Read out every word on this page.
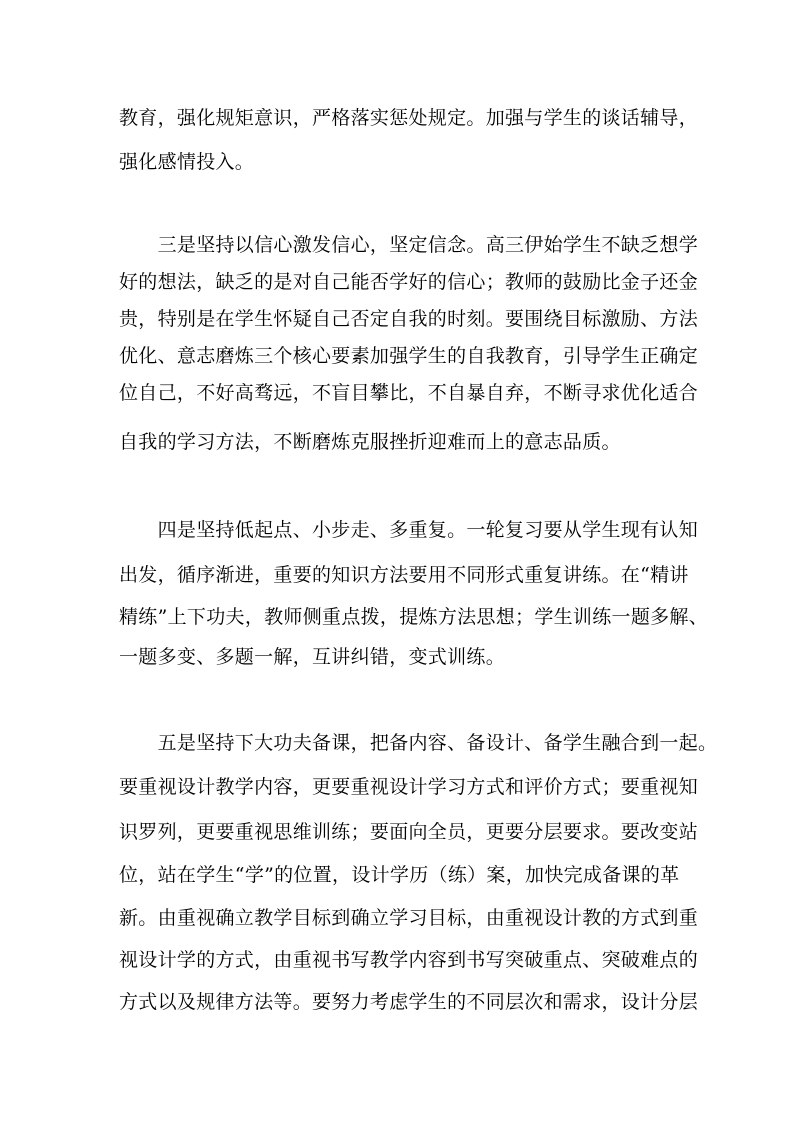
教育，强化规矩意识，严格落实惩处规定。加强与学生的谈话辅导，
强化感情投入。
　　三是坚持以信心激发信心，坚定信念。高三伊始学生不缺乏想学
好的想法，缺乏的是对自己能否学好的信心；教师的鼓励比金子还金
贵，特别是在学生怀疑自己否定自我的时刻。要围绕目标激励、方法
优化、意志磨炼三个核心要素加强学生的自我教育，引导学生正确定
位自己，不好高骛远，不盲目攀比，不自暴自弃，不断寻求优化适合
自我的学习方法，不断磨炼克服挫折迎难而上的意志品质。
　　四是坚持低起点、小步走、多重复。一轮复习要从学生现有认知
出发，循序渐进，重要的知识方法要用不同形式重复讲练。在“精讲
精练”上下功夫，教师侧重点拨，提炼方法思想；学生训练一题多解、
一题多变、多题一解，互讲纠错，变式训练。
　　五是坚持下大功夫备课，把备内容、备设计、备学生融合到一起。
要重视设计教学内容，更要重视设计学习方式和评价方式；要重视知
识罗列，更要重视思维训练；要面向全员，更要分层要求。要改变站
位，站在学生“学”的位置，设计学历（练）案，加快完成备课的革
新。由重视确立教学目标到确立学习目标，由重视设计教的方式到重
视设计学的方式，由重视书写教学内容到书写突破重点、突破难点的
方式以及规律方法等。要努力考虑学生的不同层次和需求，设计分层
